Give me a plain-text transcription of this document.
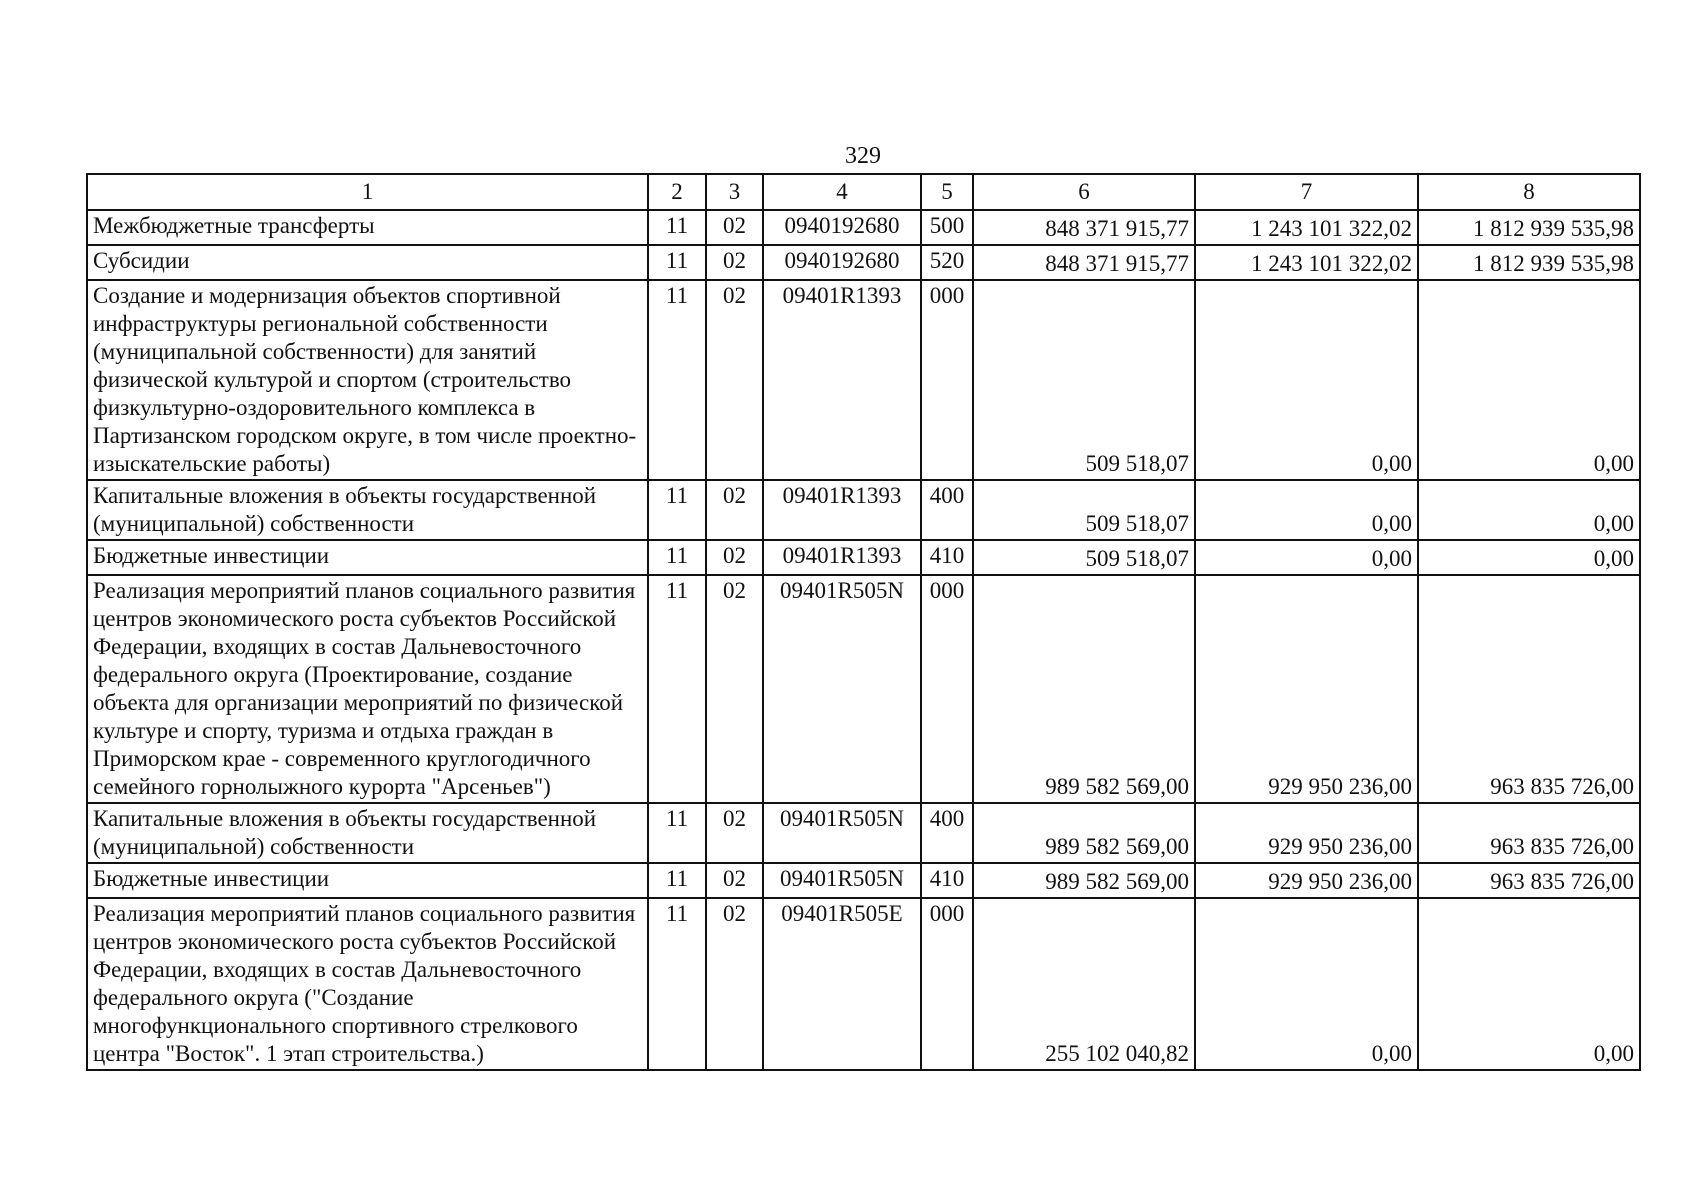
329
1	2	3	4	5	6	7	8
Межбюджетные трансферты	11	02	0940192680	500	848 371 915,77	1 243 101 322,02	1 812 939 535,98
Субсидии	11	02	0940192680	520	848 371 915,77	1 243 101 322,02	1 812 939 535,98
Создание и модернизация объектов спортивной инфраструктуры региональной собственности (муниципальной собственности) для занятий физической культурой и спортом (строительство физкультурно-оздоровительного комплекса в Партизанском городском округе, в том числе проектно-изыскательские работы)	11	02	09401R1393	000	509 518,07	0,00	0,00
Капитальные вложения в объекты государственной (муниципальной) собственности	11	02	09401R1393	400	509 518,07	0,00	0,00
Бюджетные инвестиции	11	02	09401R1393	410	509 518,07	0,00	0,00
Реализация мероприятий планов социального развития центров экономического роста субъектов Российской Федерации, входящих в состав Дальневосточного федерального округа (Проектирование, создание объекта для организации мероприятий по физической культуре и спорту, туризма и отдыха граждан в Приморском крае - современного круглогодичного семейного горнолыжного курорта "Арсеньев")	11	02	09401R505N	000	989 582 569,00	929 950 236,00	963 835 726,00
Капитальные вложения в объекты государственной (муниципальной) собственности	11	02	09401R505N	400	989 582 569,00	929 950 236,00	963 835 726,00
Бюджетные инвестиции	11	02	09401R505N	410	989 582 569,00	929 950 236,00	963 835 726,00
Реализация мероприятий планов социального развития центров экономического роста субъектов Российской Федерации, входящих в состав Дальневосточного федерального округа ("Создание многофункционального спортивного стрелкового центра "Восток". 1 этап строительства.)	11	02	09401R505E	000	255 102 040,82	0,00	0,00
